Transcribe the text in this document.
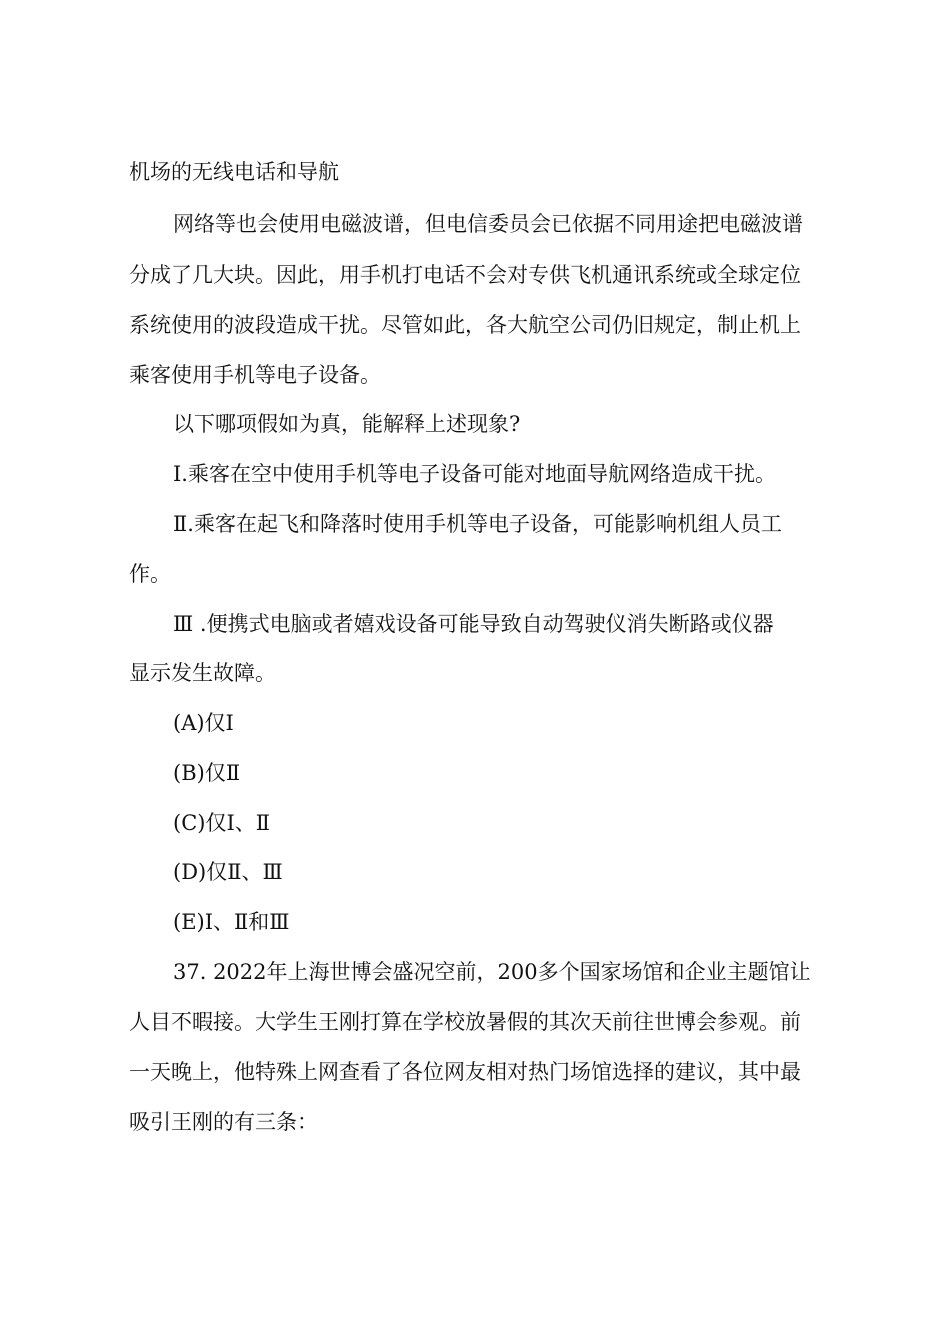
机场的无线电话和导航
网络等也会使用电磁波谱，但电信委员会已依据不同用途把电磁波谱
分成了几大块。因此，用手机打电话不会对专供飞机通讯系统或全球定位
系统使用的波段造成干扰。尽管如此，各大航空公司仍旧规定，制止机上
乘客使用手机等电子设备。
以下哪项假如为真，能解释上述现象?
Ⅰ.乘客在空中使用手机等电子设备可能对地面导航网络造成干扰。
Ⅱ.乘客在起飞和降落时使用手机等电子设备，可能影响机组人员工
作。
Ⅲ .便携式电脑或者嬉戏设备可能导致自动驾驶仪消失断路或仪器
显示发生故障。
(A)仅Ⅰ
(B)仅Ⅱ
(C)仅Ⅰ、Ⅱ
(D)仅Ⅱ、Ⅲ
(E)Ⅰ、Ⅱ和Ⅲ
37. 2022年上海世博会盛况空前，200多个国家场馆和企业主题馆让
人目不暇接。大学生王刚打算在学校放暑假的其次天前往世博会参观。前
一天晚上，他特殊上网查看了各位网友相对热门场馆选择的建议，其中最
吸引王刚的有三条：
